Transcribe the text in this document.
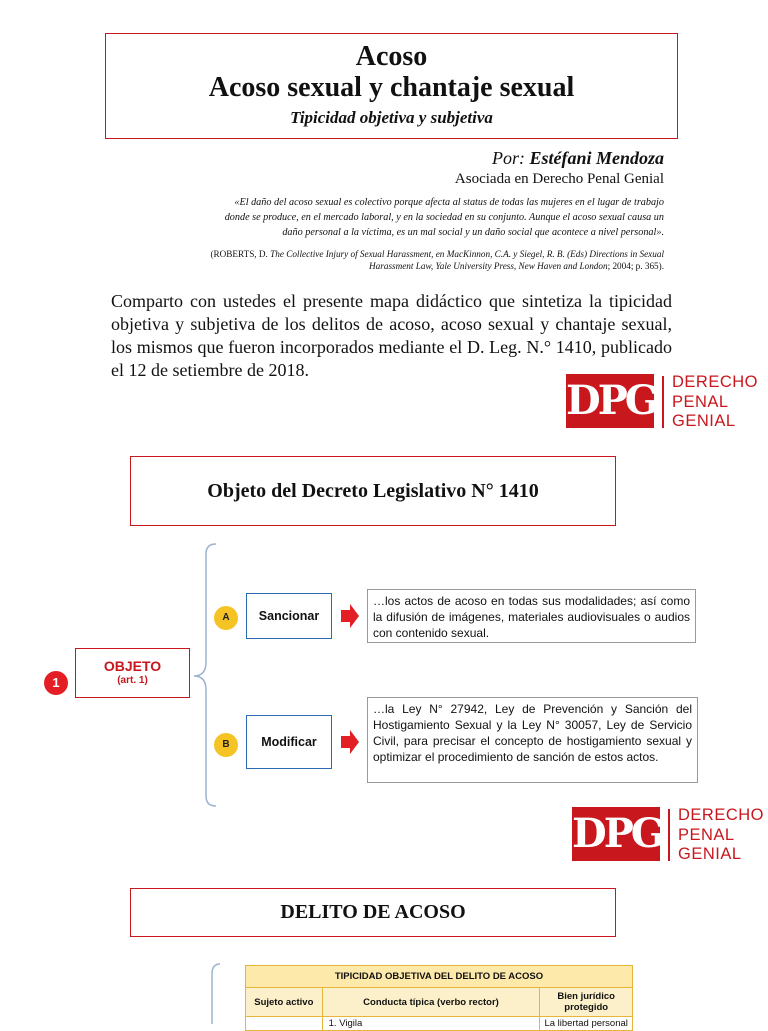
Acoso
Acoso sexual y chantaje sexual
Tipicidad objetiva y subjetiva
Por: Estéfani Mendoza
Asociada en Derecho Penal Genial
«El daño del acoso sexual es colectivo porque afecta al status de todas las mujeres en el lugar de trabajo donde se produce, en el mercado laboral, y en la sociedad en su conjunto. Aunque el acoso sexual causa un daño personal a la víctima, es un mal social y un daño social que acontece a nivel personal».
(ROBERTS, D. The Collective Injury of Sexual Harassment, en MacKinnon, C.A. y Siegel, R. B. (Eds) Directions in Sexual Harassment Law, Yale University Press, New Haven and London; 2004; p. 365).
Comparto con ustedes el presente mapa didáctico que sintetiza la tipicidad objetiva y subjetiva de los delitos de acoso, acoso sexual y chantaje sexual, los mismos que fueron incorporados mediante el D. Leg. N.° 1410, publicado el 12 de setiembre de 2018.
DPG DERECHO
PENAL
GENIAL
Objeto del Decreto Legislativo N° 1410
1
OBJETO
(art. 1)
A	Sancionar
…los actos de acoso en todas sus modalidades; así como la difusión de imágenes, materiales audiovisuales o audios con contenido sexual.
B	Modificar
…la Ley N° 27942, Ley de Prevención y Sanción del Hostigamiento Sexual y la Ley N° 30057, Ley de Servicio Civil, para precisar el concepto de hostigamiento sexual y optimizar el procedimiento de sanción de estos actos.
DPG DERECHO
PENAL
GENIAL
DELITO DE ACOSO
TIPICIDAD OBJETIVA DEL DELITO DE ACOSO		
Sujeto activo	Conducta típica (verbo rector)	Bien jurídico protegido
	1. Vigila	La libertad personal
